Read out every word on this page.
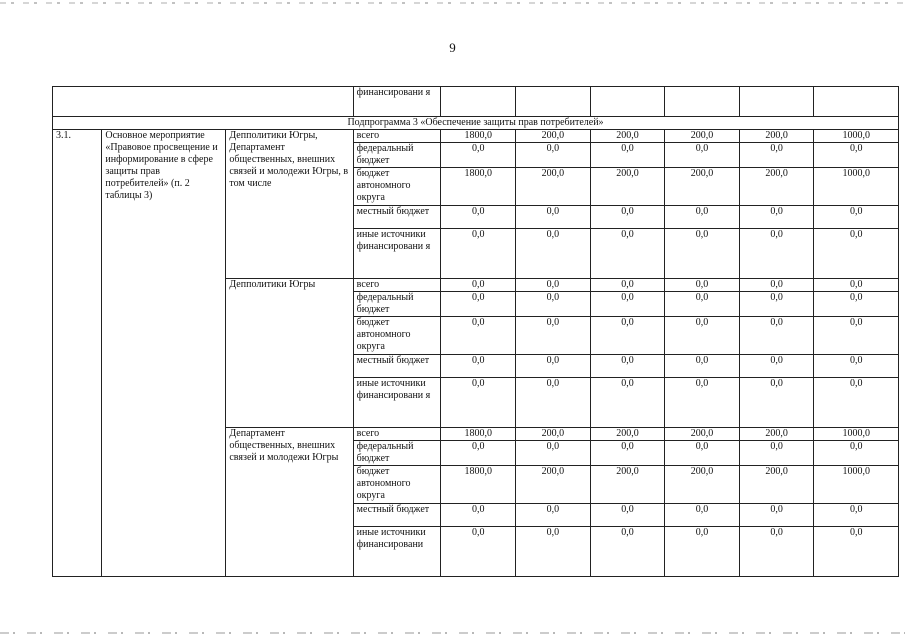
9
			финансировани я						
Подпрограмма 3 «Обеспечение защиты прав потребителей»									
3.1.	Основное мероприятие «Правовое просвещение и информирование в сфере защиты прав потребителей» (п. 2 таблицы 3)	Депполитики Югры, Департамент общественных, внешних связей и молодежи Югры, в том числе	всего	1800,0	200,0	200,0	200,0	200,0	1000,0
			федеральный бюджет	0,0	0,0	0,0	0,0	0,0	0,0
			бюджет автономного округа	1800,0	200,0	200,0	200,0	200,0	1000,0
			местный бюджет	0,0	0,0	0,0	0,0	0,0	0,0
			иные источники финансировани я	0,0	0,0	0,0	0,0	0,0	0,0
		Депполитики Югры	всего	0,0	0,0	0,0	0,0	0,0	0,0
			федеральный бюджет	0,0	0,0	0,0	0,0	0,0	0,0
			бюджет автономного округа	0,0	0,0	0,0	0,0	0,0	0,0
			местный бюджет	0,0	0,0	0,0	0,0	0,0	0,0
			иные источники финансировани я	0,0	0,0	0,0	0,0	0,0	0,0
		Департамент общественных, внешних связей и молодежи Югры	всего	1800,0	200,0	200,0	200,0	200,0	1000,0
			федеральный бюджет	0,0	0,0	0,0	0,0	0,0	0,0
			бюджет автономного округа	1800,0	200,0	200,0	200,0	200,0	1000,0
			местный бюджет	0,0	0,0	0,0	0,0	0,0	0,0
			иные источники финансировани	0,0	0,0	0,0	0,0	0,0	0,0
